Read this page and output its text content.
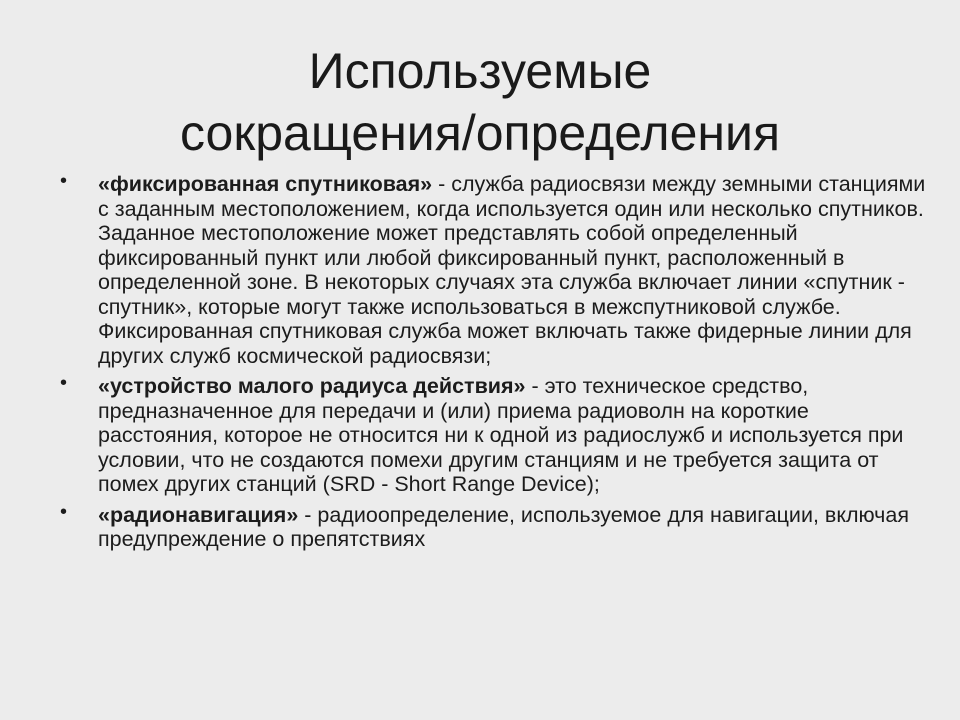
Используемые
сокращения/определения
• «фиксированная спутниковая» - служба радиосвязи между земными станциями с заданным местоположением, когда используется один или несколько спутников. Заданное местоположение может представлять собой определенный фиксированный пункт или любой фиксированный пункт, расположенный в определенной зоне. В некоторых случаях эта служба включает линии «спутник - спутник», которые могут также использоваться в межспутниковой службе. Фиксированная спутниковая служба может включать также фидерные линии для других служб космической радиосвязи;
• «устройство малого радиуса действия» - это техническое средство, предназначенное для передачи и (или) приема радиоволн на короткие расстояния, которое не относится ни к одной из радиослужб и используется при условии, что не создаются помехи другим станциям и не требуется защита от помех других станций (SRD - Short Range Device);
• «радионавигация» - радиоопределение, используемое для навигации, включая предупреждение о препятствиях
